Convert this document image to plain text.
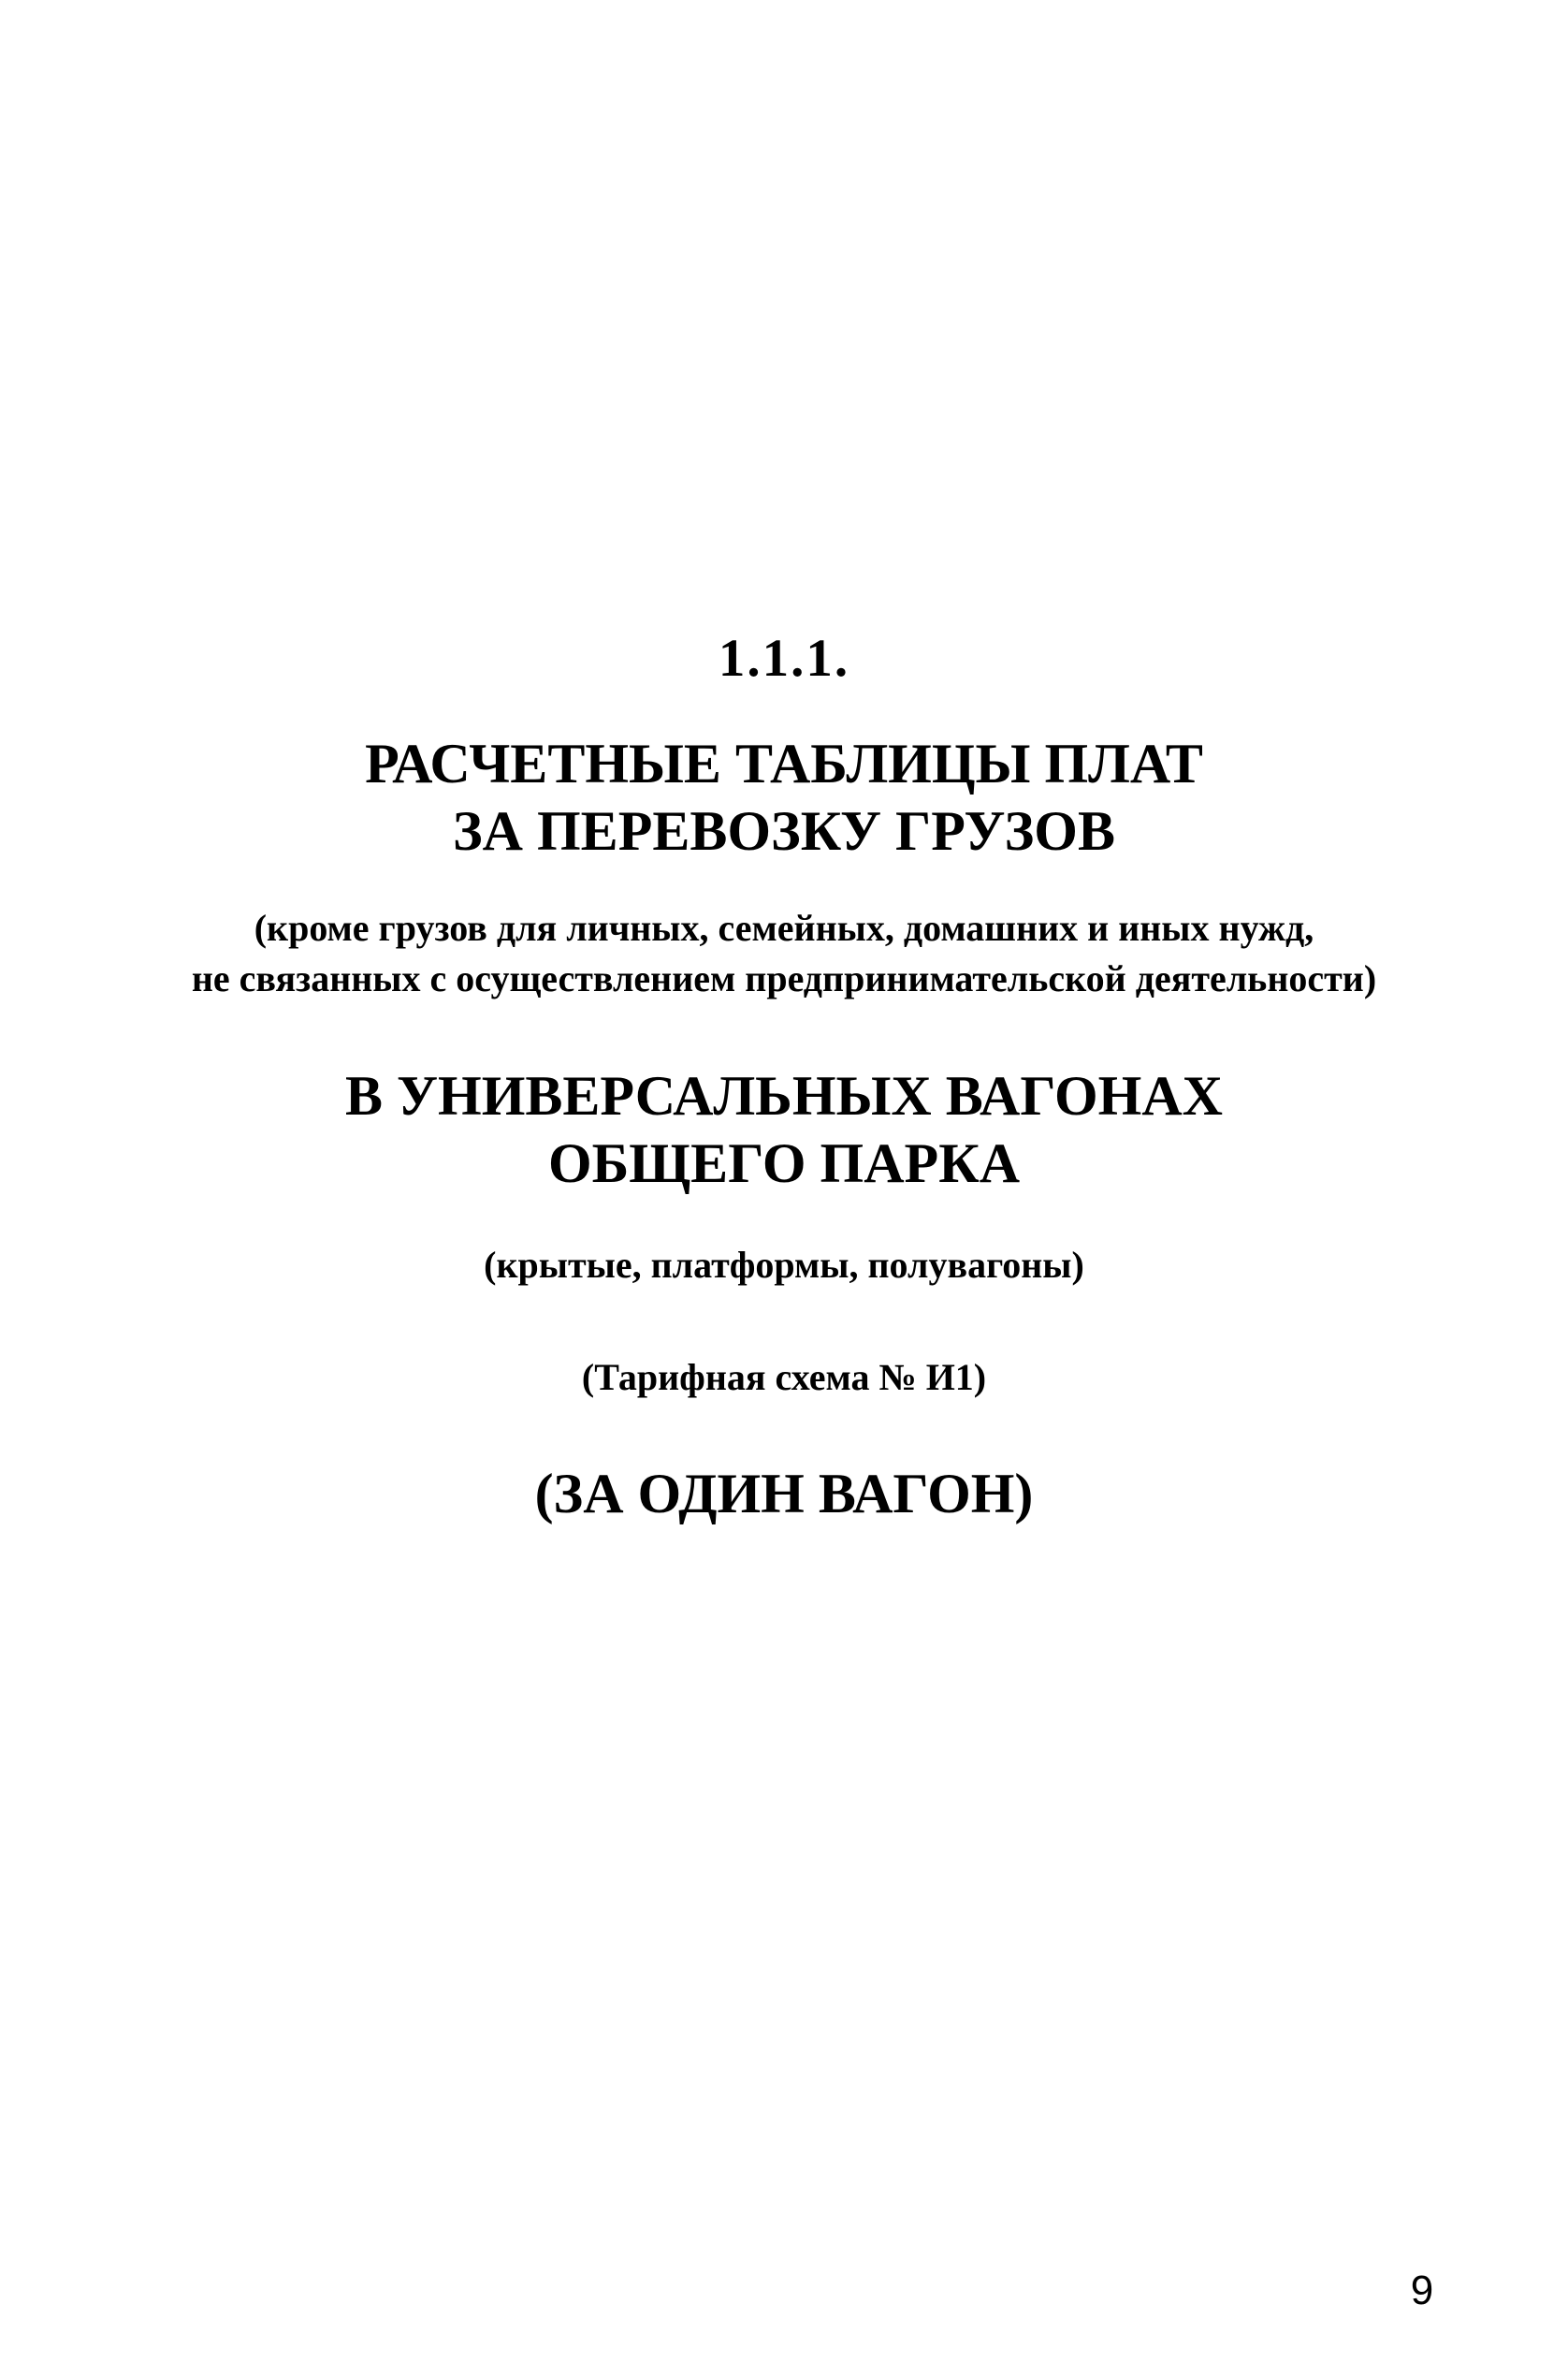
1.1.1.
РАСЧЕТНЫЕ ТАБЛИЦЫ ПЛАТ
ЗА ПЕРЕВОЗКУ ГРУЗОВ
(кроме грузов для личных, семейных, домашних и иных нужд,
не связанных с осуществлением предпринимательской деятельности)
В УНИВЕРСАЛЬНЫХ ВАГОНАХ
ОБЩЕГО ПАРКА
(крытые, платформы, полувагоны)
(Тарифная схема № И1)
(ЗА ОДИН ВАГОН)
9
